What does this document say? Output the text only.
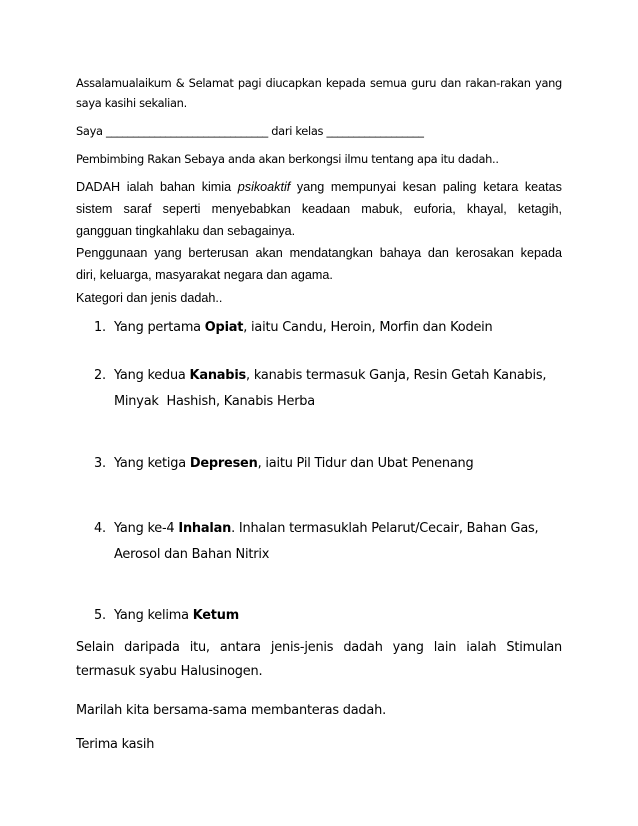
Assalamualaikum & Selamat pagi diucapkan kepada semua guru dan rakan-rakan yang
saya kasihi sekalian.
Saya ______________________________ dari kelas __________________
Pembimbing Rakan Sebaya anda akan berkongsi ilmu tentang apa itu dadah..
DADAH ialah bahan kimia psikoaktif yang mempunyai kesan paling ketara keatas
sistem saraf seperti menyebabkan keadaan mabuk, euforia, khayal, ketagih,
gangguan tingkahlaku dan sebagainya.
Penggunaan yang berterusan akan mendatangkan bahaya dan kerosakan kepada
diri, keluarga, masyarakat negara dan agama.
Kategori dan jenis dadah..
1. Yang pertama Opiat, iaitu Candu, Heroin, Morfin dan Kodein
2. Yang kedua Kanabis, kanabis termasuk Ganja, Resin Getah Kanabis,
Minyak  Hashish, Kanabis Herba
3. Yang ketiga Depresen, iaitu Pil Tidur dan Ubat Penenang
4. Yang ke-4 Inhalan. Inhalan termasuklah Pelarut/Cecair, Bahan Gas,
Aerosol dan Bahan Nitrix
5. Yang kelima Ketum
Selain daripada itu, antara jenis-jenis dadah yang lain ialah Stimulan
termasuk syabu Halusinogen.
Marilah kita bersama-sama membanteras dadah.
Terima kasih
